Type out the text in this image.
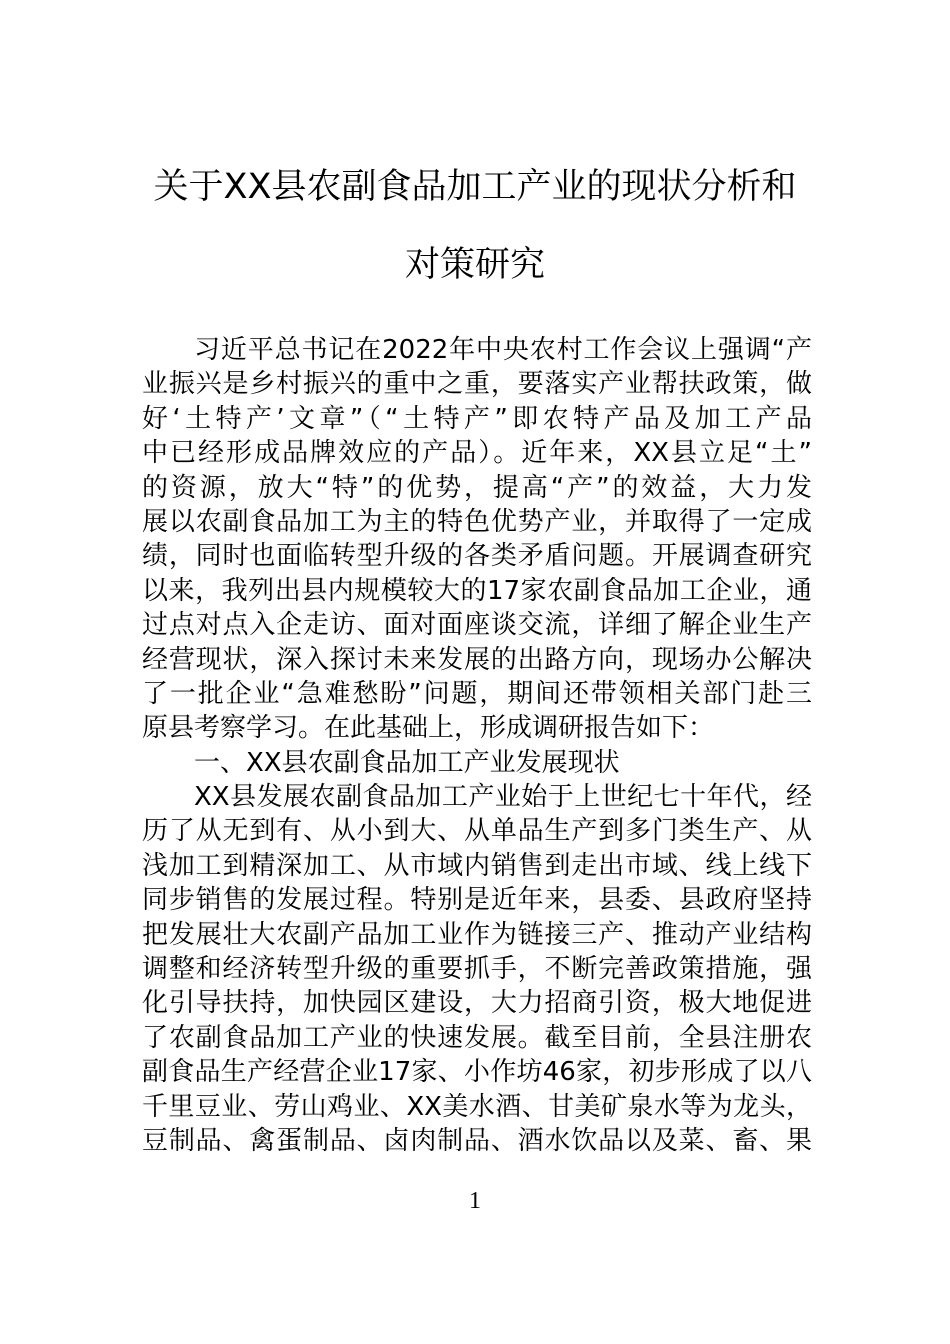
关于XX县农副食品加工产业的现状分析和
对策研究
习近平总书记在2022年中央农村工作会议上强调“产
业振兴是乡村振兴的重中之重，要落实产业帮扶政策，做
好‘土特产’文章”（“土特产”即农特产品及加工产品
中已经形成品牌效应的产品）。近年来，XX县立足“土”
的资源，放大“特”的优势，提高“产”的效益，大力发
展以农副食品加工为主的特色优势产业，并取得了一定成
绩，同时也面临转型升级的各类矛盾问题。开展调查研究
以来，我列出县内规模较大的17家农副食品加工企业，通
过点对点入企走访、面对面座谈交流，详细了解企业生产
经营现状，深入探讨未来发展的出路方向，现场办公解决
了一批企业“急难愁盼”问题，期间还带领相关部门赴三
原县考察学习。在此基础上，形成调研报告如下：
一、XX县农副食品加工产业发展现状
XX县发展农副食品加工产业始于上世纪七十年代，经
历了从无到有、从小到大、从单品生产到多门类生产、从
浅加工到精深加工、从市域内销售到走出市域、线上线下
同步销售的发展过程。特别是近年来，县委、县政府坚持
把发展壮大农副产品加工业作为链接三产、推动产业结构
调整和经济转型升级的重要抓手，不断完善政策措施，强
化引导扶持，加快园区建设，大力招商引资，极大地促进
了农副食品加工产业的快速发展。截至目前，全县注册农
副食品生产经营企业17家、小作坊46家，初步形成了以八
千里豆业、劳山鸡业、XX美水酒、甘美矿泉水等为龙头，
豆制品、禽蛋制品、卤肉制品、酒水饮品以及菜、畜、果
1
